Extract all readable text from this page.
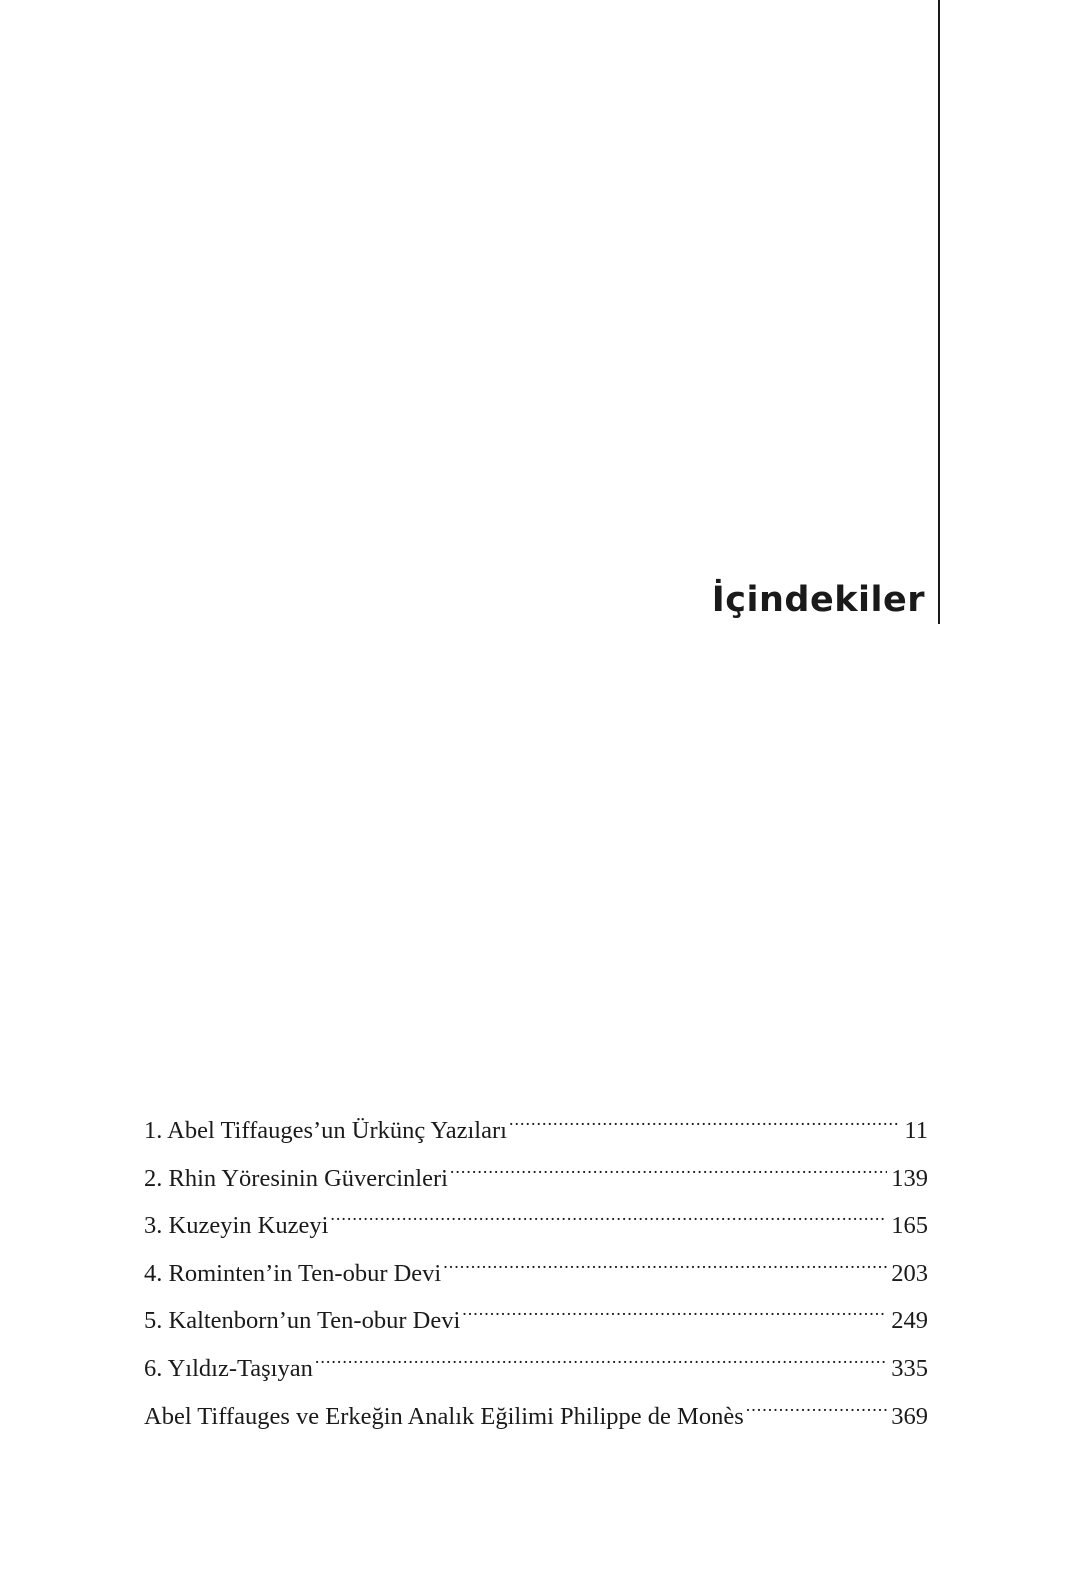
İçindekiler
1. Abel Tiffauges’un Ürkünç Yazıları .....	11
2. Rhin Yöresinin Güvercinleri .....	139
3. Kuzeyin Kuzeyi .....	165
4. Rominten’in Ten-obur Devi .....	203
5. Kaltenborn’un Ten-obur Devi .....	249
6. Yıldız-Taşıyan .....	335
Abel Tiffauges ve Erkeğin Analık Eğilimi Philippe de Monès .....	369
